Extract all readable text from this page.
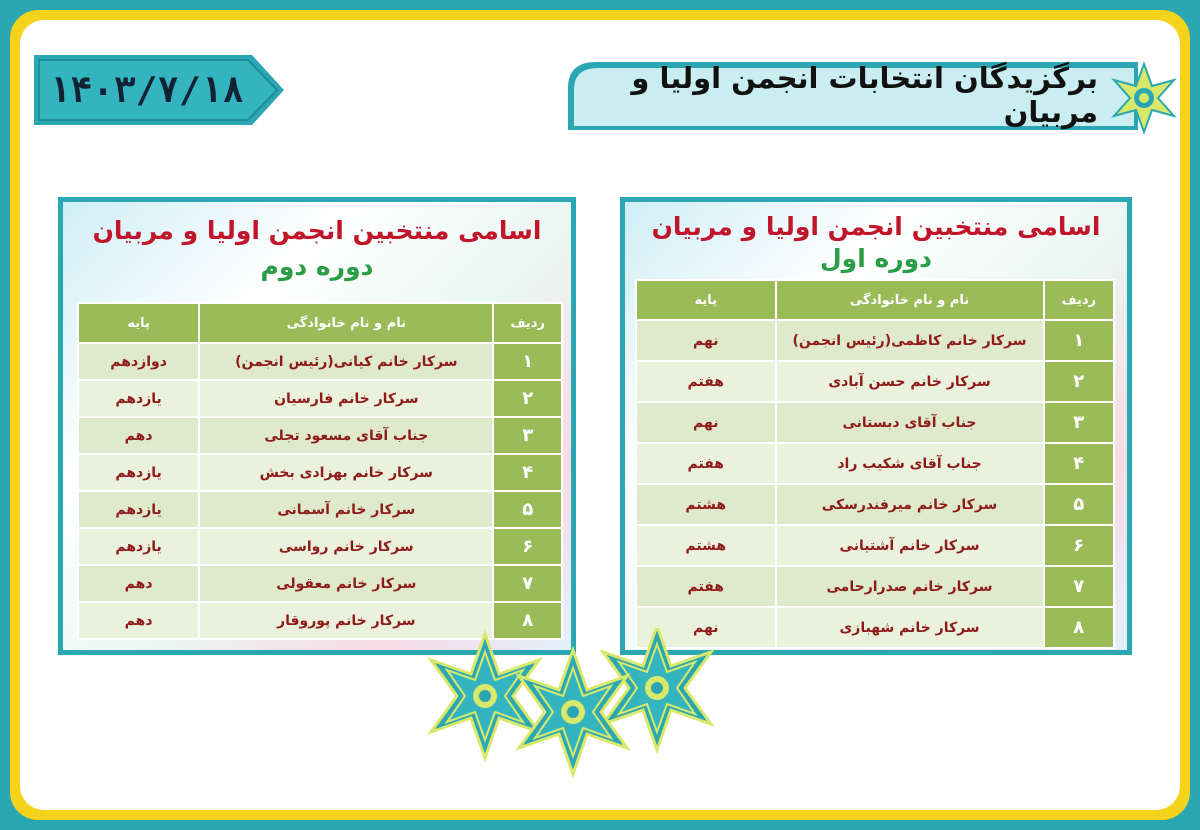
۱۴۰۳/۷/۱۸	برگزیدگان انتخابات انجمن اولیا و مربیان
اسامی منتخبین انجمن اولیا و مربیان
دوره اول
ردیف	نام و نام خانوادگی	پایه
۱	سرکار خانم کاظمی(رئیس انجمن)	نهم
۲	سرکار خانم حسن آبادی	هفتم
۳	جناب آقای دبستانی	نهم
۴	جناب آقای شکیب راد	هفتم
۵	سرکار خانم میرفندرسکی	هشتم
۶	سرکار خانم آشتیانی	هشتم
۷	سرکار خانم صدرارحامی	هفتم
۸	سرکار خانم شهبازی	نهم
اسامی منتخبین انجمن اولیا و مربیان
دوره دوم
ردیف	نام و نام خانوادگی	پایه
۱	سرکار خانم کیانی(رئیس انجمن)	دوازدهم
۲	سرکار خانم فارسیان	یازدهم
۳	جناب آقای مسعود تجلی	دهم
۴	سرکار خانم بهزادی بخش	یازدهم
۵	سرکار خانم آسمانی	یازدهم
۶	سرکار خانم رواسی	یازدهم
۷	سرکار خانم معقولی	دهم
۸	سرکار خانم پوروقار	دهم
